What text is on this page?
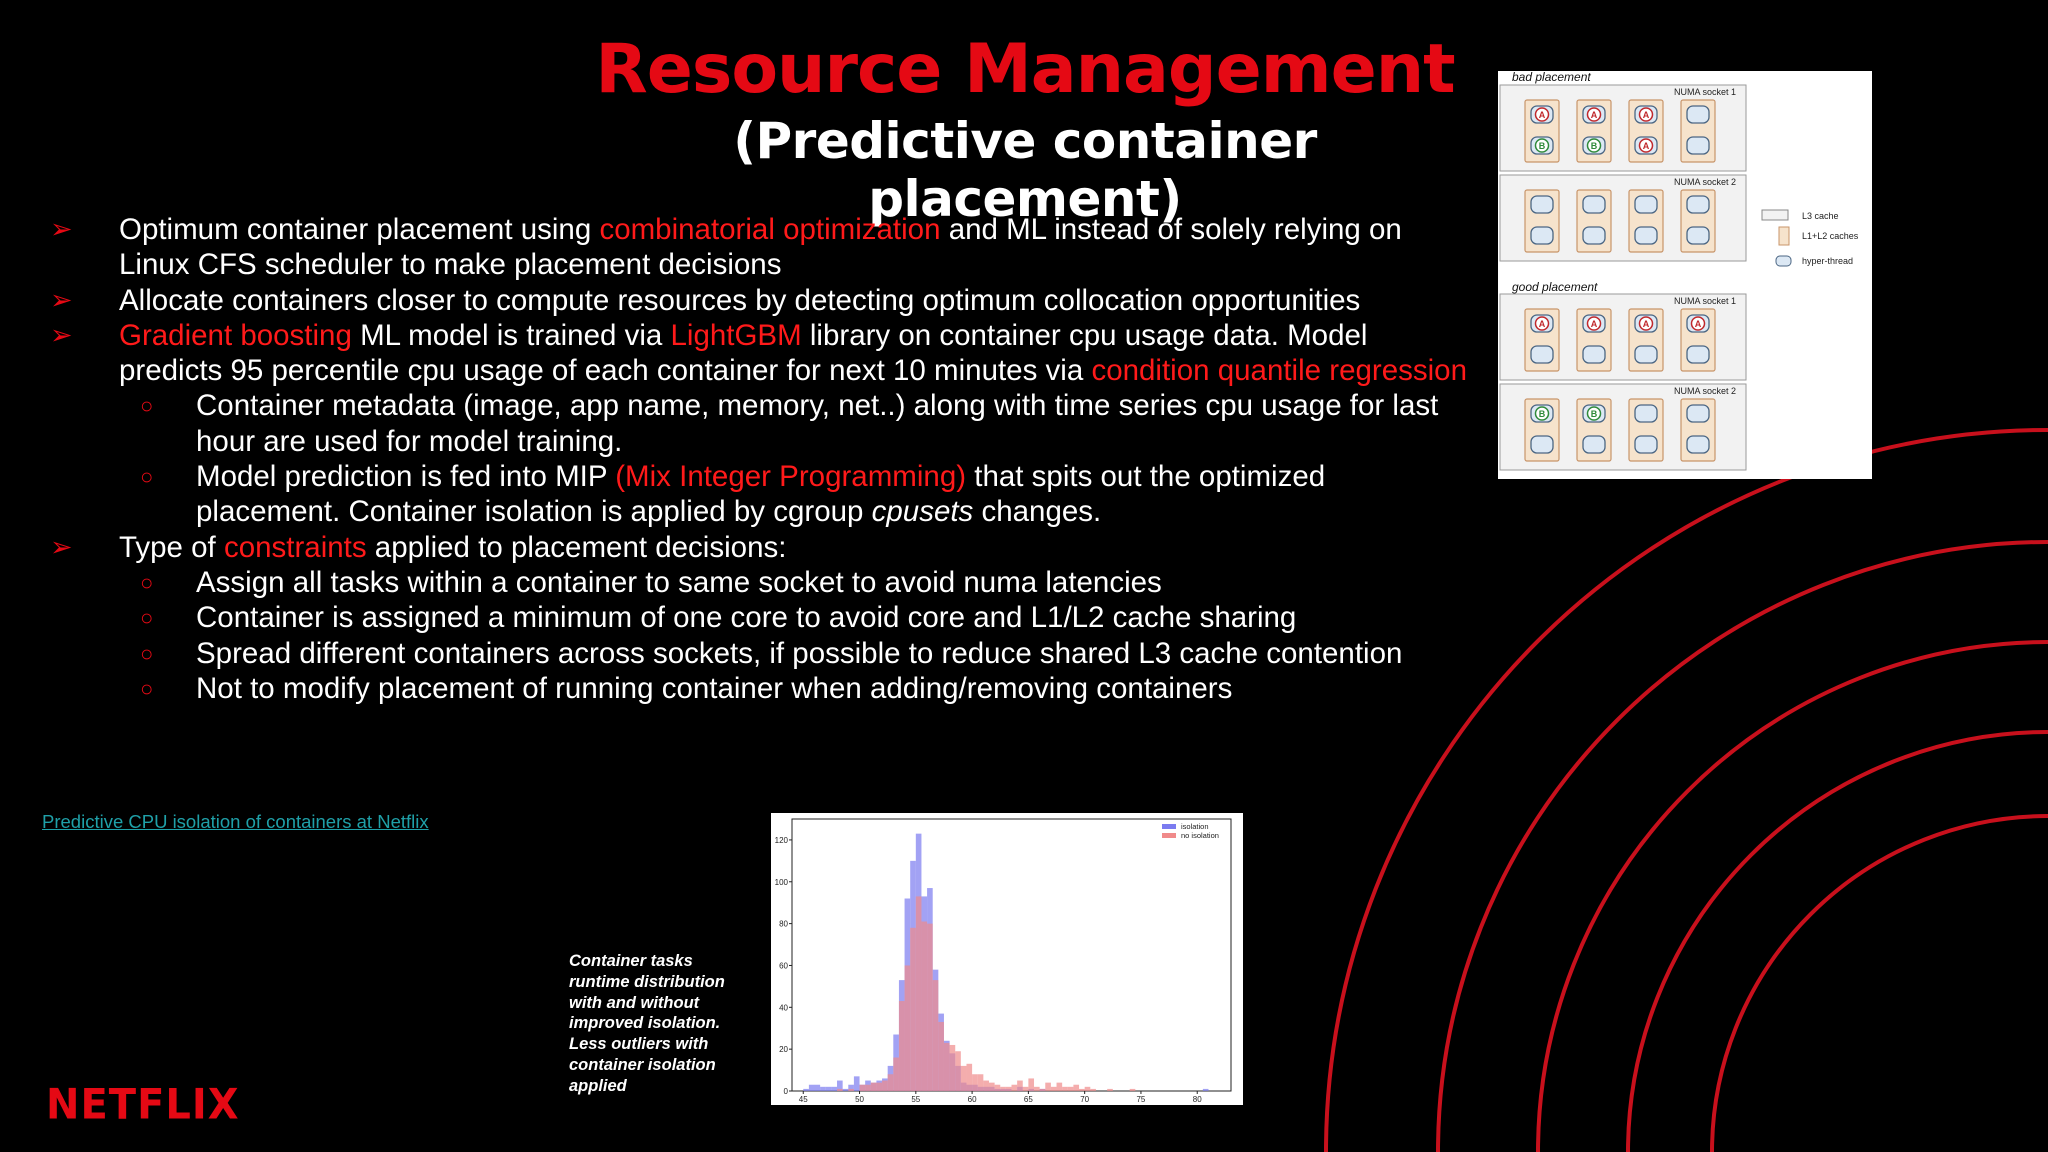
Resource Management
(Predictive container placement)
➢ Optimum container placement using combinatorial optimization and ML instead of solely relying on Linux CFS scheduler to make placement decisions
➢ Allocate containers closer to compute resources by detecting optimum collocation opportunities
➢ Gradient boosting ML model is trained via LightGBM library on container cpu usage data. Model predicts 95 percentile cpu usage of each container for next 10 minutes via condition quantile regression
○ Container metadata (image, app name, memory, net..) along with time series cpu usage for last hour are used for model training.
○ Model prediction is fed into MIP (Mix Integer Programming) that spits out the optimized placement. Container isolation is applied by cgroup cpusets changes.
➢ Type of constraints applied to placement decisions:
○ Assign all tasks within a container to same socket to avoid numa latencies
○ Container is assigned a minimum of one core to avoid core and L1/L2 cache sharing
○ Spread different containers across sockets, if possible to reduce shared L3 cache contention
○ Not to modify placement of running container when adding/removing containers
bad placement
NUMA socket 1
A
B
A
B
A
A
NUMA socket 2
good placement
NUMA socket 1
A	A	A	A
NUMA socket 2
B	B
L3 cache
L1+L2 caches
hyper-thread
Predictive CPU isolation of containers at Netflix
Container tasks runtime distribution with and without improved isolation. Less outliers with container isolation applied
45	50	55	60	65	70	75	80
0
20
40
60
80
100
120
isolation
no isolation
NETFLIX
